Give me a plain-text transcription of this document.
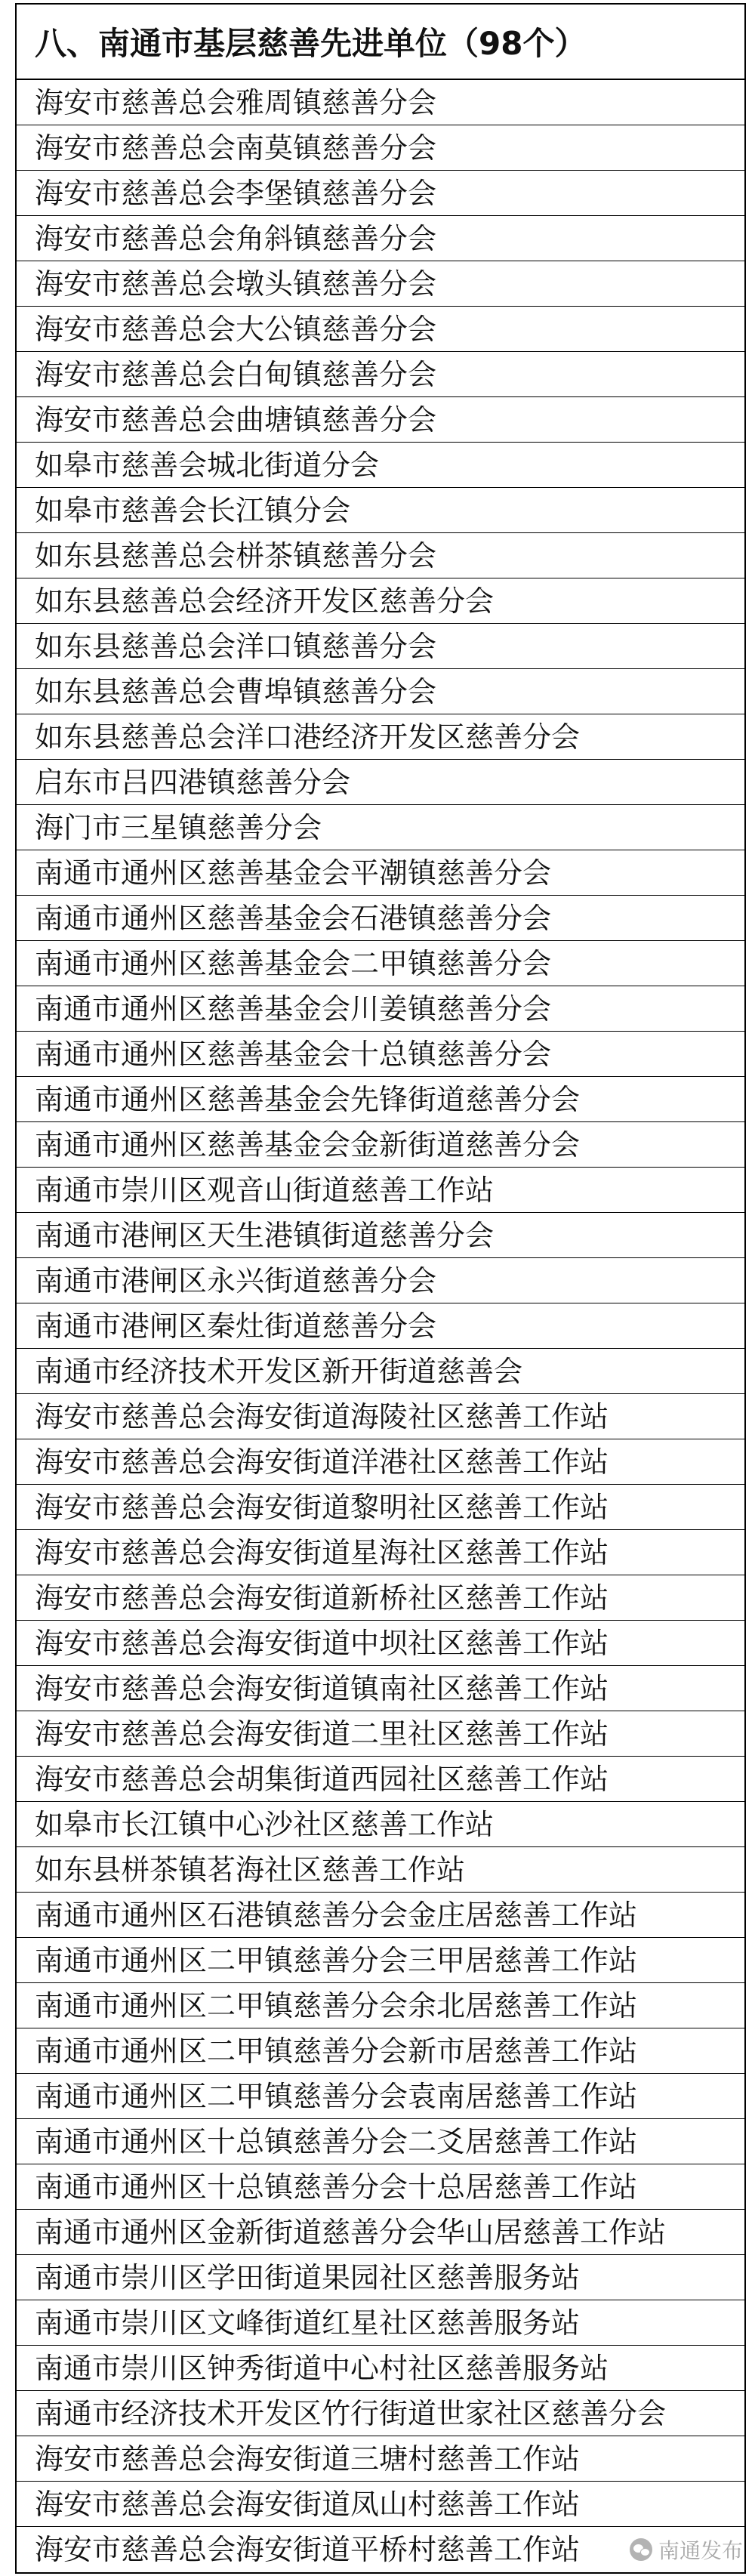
八、南通市基层慈善先进单位（98个）
海安市慈善总会雅周镇慈善分会
海安市慈善总会南莫镇慈善分会
海安市慈善总会李堡镇慈善分会
海安市慈善总会角斜镇慈善分会
海安市慈善总会墩头镇慈善分会
海安市慈善总会大公镇慈善分会
海安市慈善总会白甸镇慈善分会
海安市慈善总会曲塘镇慈善分会
如皋市慈善会城北街道分会
如皋市慈善会长江镇分会
如东县慈善总会栟茶镇慈善分会
如东县慈善总会经济开发区慈善分会
如东县慈善总会洋口镇慈善分会
如东县慈善总会曹埠镇慈善分会
如东县慈善总会洋口港经济开发区慈善分会
启东市吕四港镇慈善分会
海门市三星镇慈善分会
南通市通州区慈善基金会平潮镇慈善分会
南通市通州区慈善基金会石港镇慈善分会
南通市通州区慈善基金会二甲镇慈善分会
南通市通州区慈善基金会川姜镇慈善分会
南通市通州区慈善基金会十总镇慈善分会
南通市通州区慈善基金会先锋街道慈善分会
南通市通州区慈善基金会金新街道慈善分会
南通市崇川区观音山街道慈善工作站
南通市港闸区天生港镇街道慈善分会
南通市港闸区永兴街道慈善分会
南通市港闸区秦灶街道慈善分会
南通市经济技术开发区新开街道慈善会
海安市慈善总会海安街道海陵社区慈善工作站
海安市慈善总会海安街道洋港社区慈善工作站
海安市慈善总会海安街道黎明社区慈善工作站
海安市慈善总会海安街道星海社区慈善工作站
海安市慈善总会海安街道新桥社区慈善工作站
海安市慈善总会海安街道中坝社区慈善工作站
海安市慈善总会海安街道镇南社区慈善工作站
海安市慈善总会海安街道二里社区慈善工作站
海安市慈善总会胡集街道西园社区慈善工作站
如皋市长江镇中心沙社区慈善工作站
如东县栟茶镇茗海社区慈善工作站
南通市通州区石港镇慈善分会金庄居慈善工作站
南通市通州区二甲镇慈善分会三甲居慈善工作站
南通市通州区二甲镇慈善分会余北居慈善工作站
南通市通州区二甲镇慈善分会新市居慈善工作站
南通市通州区二甲镇慈善分会袁南居慈善工作站
南通市通州区十总镇慈善分会二爻居慈善工作站
南通市通州区十总镇慈善分会十总居慈善工作站
南通市通州区金新街道慈善分会华山居慈善工作站
南通市崇川区学田街道果园社区慈善服务站
南通市崇川区文峰街道红星社区慈善服务站
南通市崇川区钟秀街道中心村社区慈善服务站
南通市经济技术开发区竹行街道世家社区慈善分会
海安市慈善总会海安街道三塘村慈善工作站
海安市慈善总会海安街道凤山村慈善工作站
海安市慈善总会海安街道平桥村慈善工作站	南通发布
